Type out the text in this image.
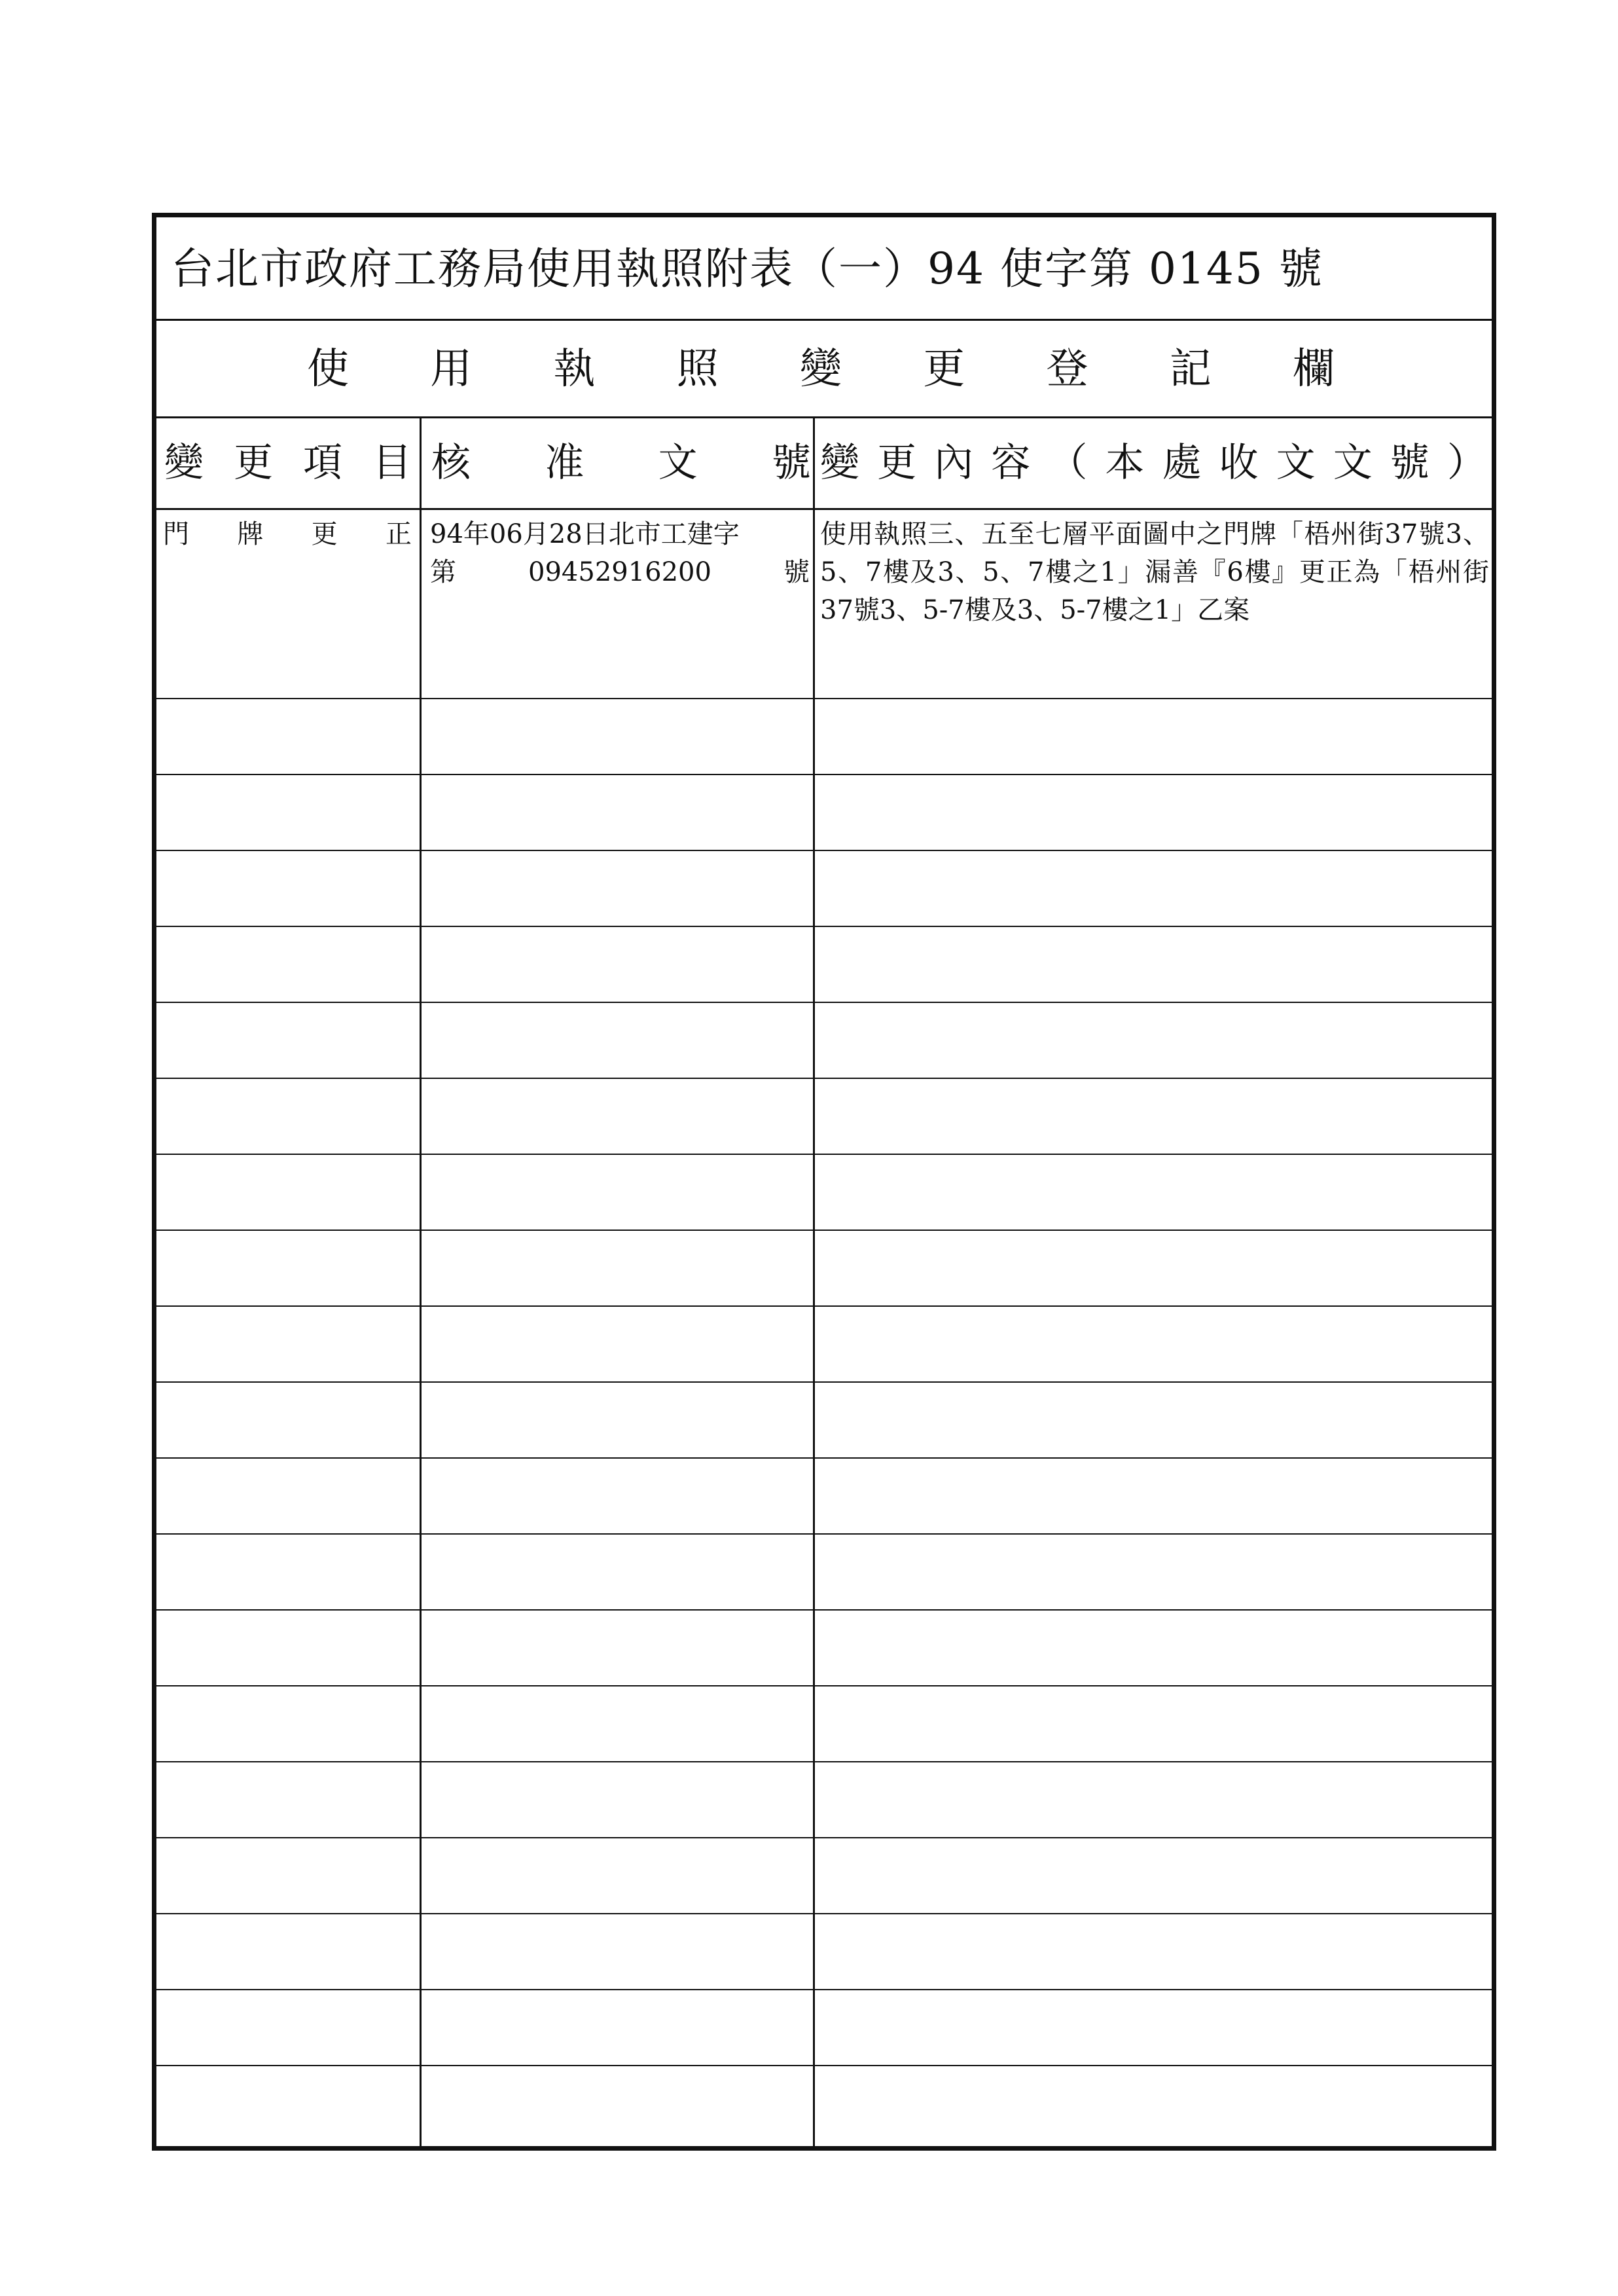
台北市政府工務局使用執照附表（一）94 使字第 0145 號
使 用 執 照 變 更 登 記 欄
變 更 項 目 核 准 文 號 變 更 內 容 （ 本 處 收 文 文 號 ）
門 牌 更 正 94年06月28日北市工建字
第	09452916200	號
使用執照三、五至七層平面圖中之門牌「梧州街37號3、5、7樓及3、5、7樓之1」漏善『6樓』更正為「梧州街37號3、5-7樓及3、5-7樓之1」乙案
